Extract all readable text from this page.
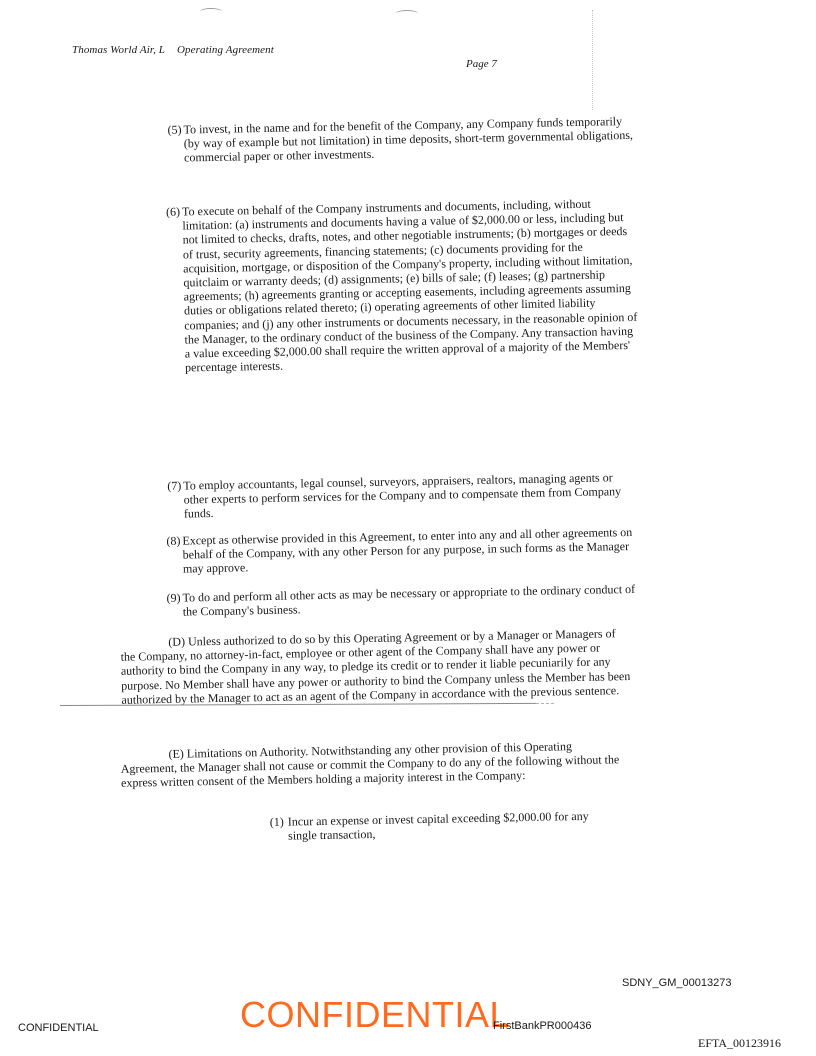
Thomas World Air, L Operating Agreement
Page 7
(5) To invest, in the name and for the benefit of the Company, any Company funds temporarily (by way of example but not limitation) in time deposits, short-term governmental obligations, commercial paper or other investments.
(6) To execute on behalf of the Company instruments and documents, including, without limitation: (a) instruments and documents having a value of $2,000.00 or less, including but not limited to checks, drafts, notes, and other negotiable instruments; (b) mortgages or deeds of trust, security agreements, financing statements; (c) documents providing for the acquisition, mortgage, or disposition of the Company's property, including without limitation, quitclaim or warranty deeds; (d) assignments; (e) bills of sale; (f) leases; (g) partnership agreements; (h) agreements granting or accepting easements, including agreements assuming duties or obligations related thereto; (i) operating agreements of other limited liability companies; and (j) any other instruments or documents necessary, in the reasonable opinion of the Manager, to the ordinary conduct of the business of the Company. Any transaction having a value exceeding $2,000.00 shall require the written approval of a majority of the Members' percentage interests.
(7) To employ accountants, legal counsel, surveyors, appraisers, realtors, managing agents or other experts to perform services for the Company and to compensate them from Company funds.
(8) Except as otherwise provided in this Agreement, to enter into any and all other agreements on behalf of the Company, with any other Person for any purpose, in such forms as the Manager may approve.
(9) To do and perform all other acts as may be necessary or appropriate to the ordinary conduct of the Company's business.
(D) Unless authorized to do so by this Operating Agreement or by a Manager or Managers of the Company, no attorney-in-fact, employee or other agent of the Company shall have any power or authority to bind the Company in any way, to pledge its credit or to render it liable pecuniarily for any purpose. No Member shall have any power or authority to bind the Company unless the Member has been authorized by the Manager to act as an agent of the Company in accordance with the previous sentence.
(E) Limitations on Authority. Notwithstanding any other provision of this Operating Agreement, the Manager shall not cause or commit the Company to do any of the following without the express written consent of the Members holding a majority interest in the Company:
(1) Incur an expense or invest capital exceeding $2,000.00 for any single transaction,
SDNY_GM_00013273
CONFIDENTIAL
CONFIDENTIAL	FirstBankPR000436
EFTA_00123916
